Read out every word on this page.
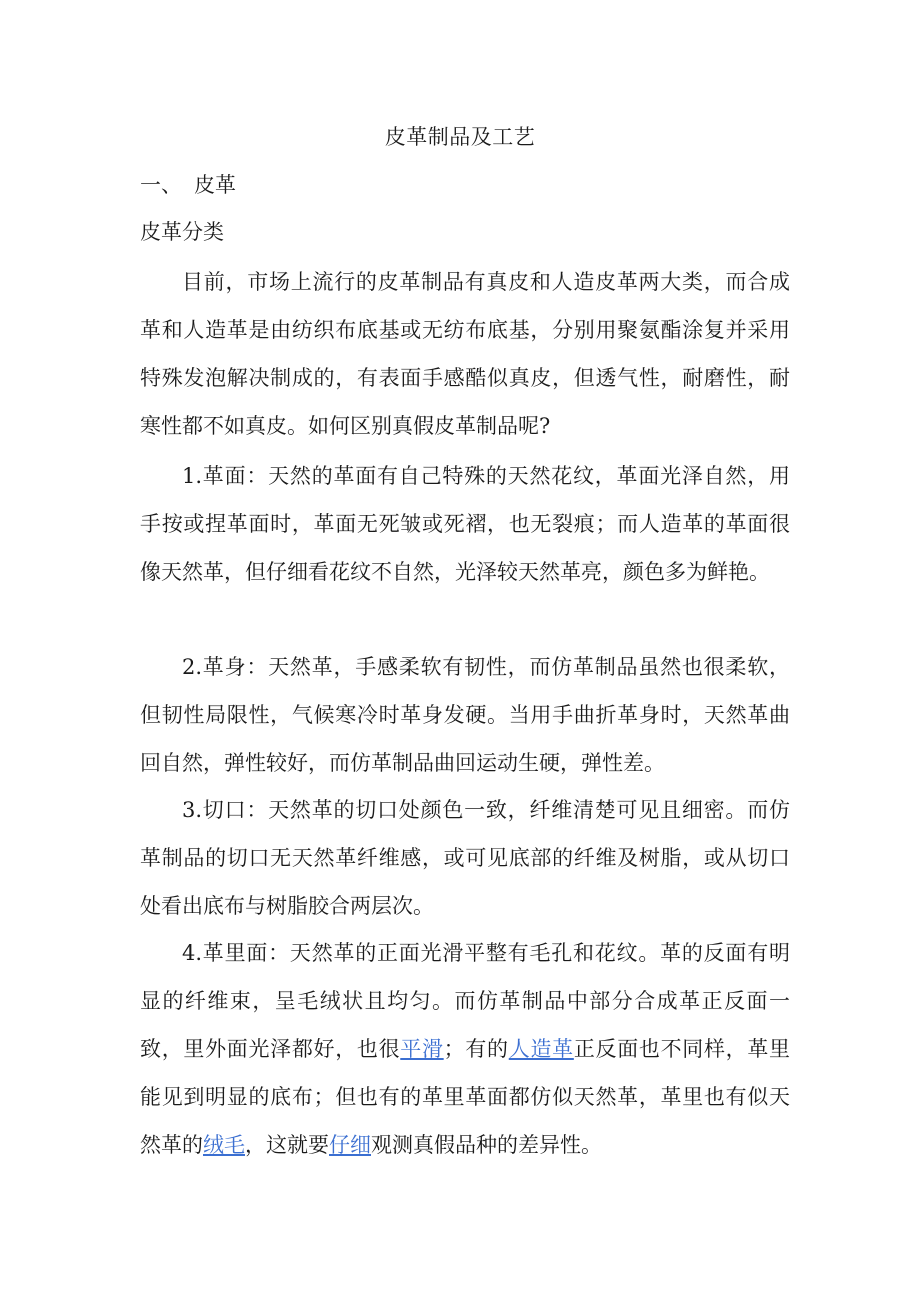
皮革制品及工艺
一、 皮革
皮革分类

目前，市场上流行的皮革制品有真皮和人造皮革两大类，而合成革和人造革是由纺织布底基或无纺布底基，分别用聚氨酯涂复并采用特殊发泡解决制成的，有表面手感酷似真皮，但透气性，耐磨性，耐寒性都不如真皮。如何区别真假皮革制品呢?

1.革面：天然的革面有自己特殊的天然花纹，革面光泽自然，用手按或捏革面时，革面无死皱或死褶，也无裂痕；而人造革的革面很像天然革，但仔细看花纹不自然，光泽较天然革亮，颜色多为鲜艳。

2.革身：天然革，手感柔软有韧性，而仿革制品虽然也很柔软，但韧性局限性，气候寒冷时革身发硬。当用手曲折革身时，天然革曲回自然，弹性较好，而仿革制品曲回运动生硬，弹性差。

3.切口：天然革的切口处颜色一致，纤维清楚可见且细密。而仿革制品的切口无天然革纤维感，或可见底部的纤维及树脂，或从切口处看出底布与树脂胶合两层次。

4.革里面：天然革的正面光滑平整有毛孔和花纹。革的反面有明显的纤维束，呈毛绒状且均匀。而仿革制品中部分合成革正反面一致，里外面光泽都好，也很平滑；有的人造革正反面也不同样，革里能见到明显的底布；但也有的革里革面都仿似天然革，革里也有似天然革的绒毛，这就要仔细观测真假品种的差异性。
